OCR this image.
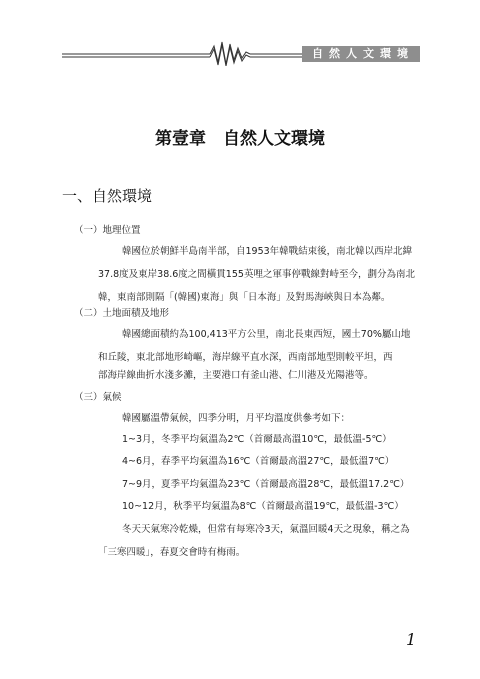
自然人文環境
第壹章　自然人文環境
一、自然環境
（一）地理位置
韓國位於朝鮮半島南半部，自1953年韓戰結束後，南北韓以西岸北緯
37.8度及東岸38.6度之間橫貫155英哩之軍事停戰線對峙至今，劃分為南北
韓，東南部則隔「(韓國)東海」與「日本海」及對馬海峽與日本為鄰。
（二）土地面積及地形
韓國總面積約為100,413平方公里，南北長東西短，國土70%屬山地
和丘陵，東北部地形崎嶇，海岸線平直水深，西南部地型則較平坦，西
部海岸線曲折水淺多灘，主要港口有釜山港、仁川港及光陽港等。
（三）氣候
韓國屬溫帶氣候，四季分明，月平均溫度供參考如下：
1~3月，冬季平均氣溫為2℃（首爾最高溫10℃，最低溫-5℃）
4~6月，春季平均氣溫為16℃（首爾最高溫27℃，最低溫7℃）
7~9月，夏季平均氣溫為23℃（首爾最高溫28℃，最低溫17.2℃）
10~12月，秋季平均氣溫為8℃（首爾最高溫19℃，最低溫-3℃）
冬天天氣寒冷乾燥，但常有每寒冷3天，氣溫回暖4天之現象，稱之為
「三寒四暖」，春夏交會時有梅雨。
1
